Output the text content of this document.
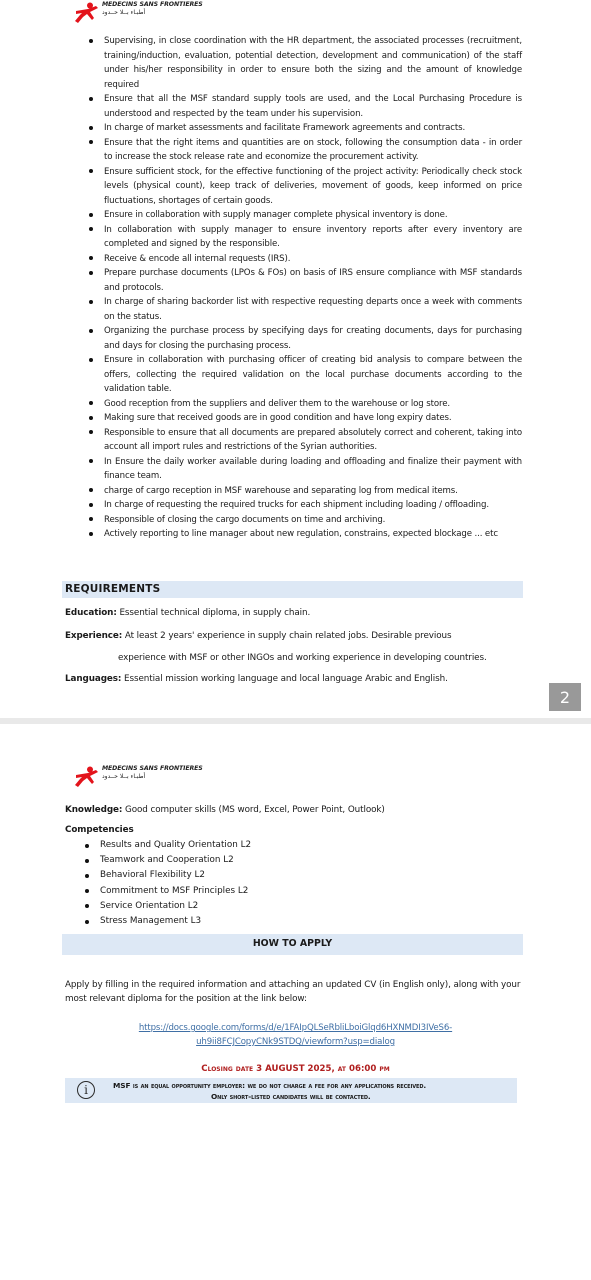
MEDECINS SANS FRONTIERES
أطبـاء بــلا حــدود
Supervising, in close coordination with the HR department, the associated processes (recruitment, training/induction, evaluation, potential detection, development and communication) of the staff under his/her responsibility in order to ensure both the sizing and the amount of knowledge required
Ensure that all the MSF standard supply tools are used, and the Local Purchasing Procedure is understood and respected by the team under his supervision.
In charge of market assessments and facilitate Framework agreements and contracts.
Ensure that the right items and quantities are on stock, following the consumption data - in order to increase the stock release rate and economize the procurement activity.
Ensure sufficient stock, for the effective functioning of the project activity: Periodically check stock levels (physical count), keep track of deliveries, movement of goods, keep informed on price fluctuations, shortages of certain goods.
Ensure in collaboration with supply manager complete physical inventory is done.
In collaboration with supply manager to ensure inventory reports after every inventory are completed and signed by the responsible.
Receive & encode all internal requests (IRS).
Prepare purchase documents (LPOs & FOs) on basis of IRS ensure compliance with MSF standards and protocols.
In charge of sharing backorder list with respective requesting departs once a week with comments on the status.
Organizing the purchase process by specifying days for creating documents, days for purchasing and days for closing the purchasing process.
Ensure in collaboration with purchasing officer of creating bid analysis to compare between the offers, collecting the required validation on the local purchase documents according to the validation table.
Good reception from the suppliers and deliver them to the warehouse or log store.
Making sure that received goods are in good condition and have long expiry dates.
Responsible to ensure that all documents are prepared absolutely correct and coherent, taking into account all import rules and restrictions of the Syrian authorities.
In Ensure the daily worker available during loading and offloading and finalize their payment with finance team.
charge of cargo reception in MSF warehouse and separating log from medical items.
In charge of requesting the required trucks for each shipment including loading / offloading.
Responsible of closing the cargo documents on time and archiving.
Actively reporting to line manager about new regulation, constrains, expected blockage ... etc
REQUIREMENTS
Education: Essential technical diploma, in supply chain.
Experience: At least 2 years' experience in supply chain related jobs. Desirable previous
experience with MSF or other INGOs and working experience in developing countries.
Languages: Essential mission working language and local language Arabic and English.
2
MEDECINS SANS FRONTIERES
أطبـاء بــلا حــدود
Knowledge: Good computer skills (MS word, Excel, Power Point, Outlook)
Competencies
Results and Quality Orientation L2
Teamwork and Cooperation L2
Behavioral Flexibility L2
Commitment to MSF Principles L2
Service Orientation L2
Stress Management L3
HOW TO APPLY
Apply by filling in the required information and attaching an updated CV (in English only), along with your most relevant diploma for the position at the link below:
https://docs.google.com/forms/d/e/1FAIpQLSeRbliLboiGlqd6HXNMDI3IVeS6-
uh9ii8FCJCopyCNk9STDQ/viewform?usp=dialog
Closing date 3 AUGUST 2025, at 06:00 pm
i	MSF is an equal opportunity employer: we do not charge a fee for any applications received.
Only short-listed candidates will be contacted.
